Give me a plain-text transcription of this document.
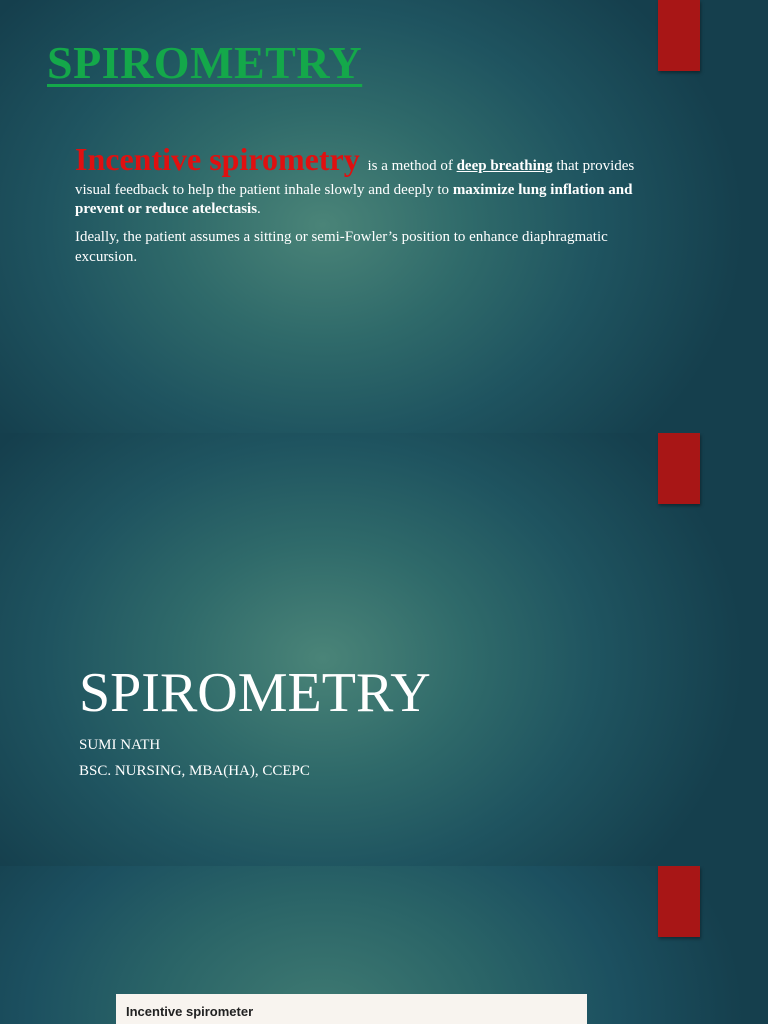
SPIROMETRY

Incentive spirometry is a method of deep breathing that provides visual feedback to help the patient inhale slowly and deeply to maximize lung inflation and prevent or reduce atelectasis.

Ideally, the patient assumes a sitting or semi-Fowler’s position to enhance diaphragmatic excursion.

SPIROMETRY
SUMI NATH
BSC. NURSING, MBA(HA), CCEPC
Incentive spirometer
